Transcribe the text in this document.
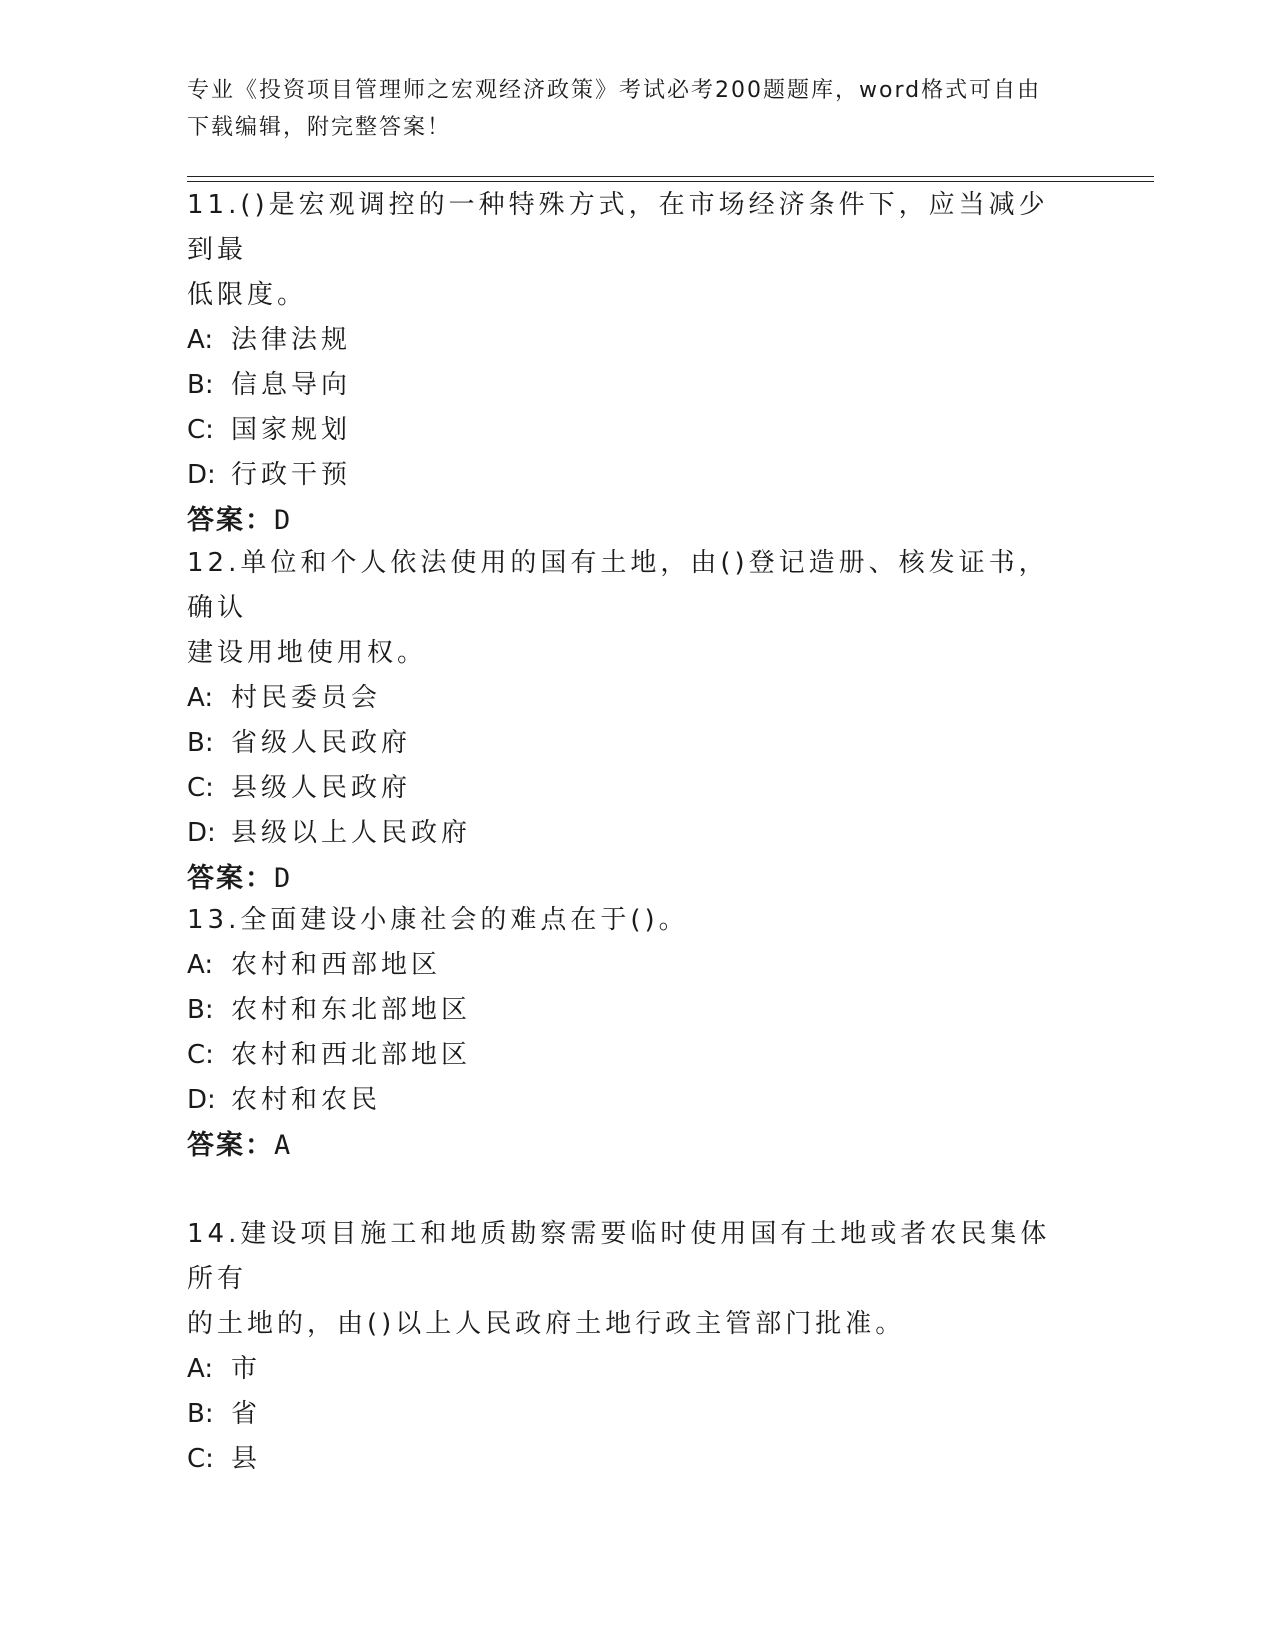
专业《投资项目管理师之宏观经济政策》考试必考200题题库，word格式可自由
下载编辑，附完整答案！

11.()是宏观调控的一种特殊方式，在市场经济条件下，应当减少到最
低限度。

A: 法律法规

B: 信息导向

C: 国家规划

D: 行政干预

答案：D

12.单位和个人依法使用的国有土地，由()登记造册、核发证书，确认
建设用地使用权。

A: 村民委员会

B: 省级人民政府

C: 县级人民政府

D: 县级以上人民政府

答案：D

13.全面建设小康社会的难点在于()。

A: 农村和西部地区

B: 农村和东北部地区

C: 农村和西北部地区

D: 农村和农民

答案：A

14.建设项目施工和地质勘察需要临时使用国有土地或者农民集体所有
的土地的，由()以上人民政府土地行政主管部门批准。

A: 市

B: 省

C: 县
